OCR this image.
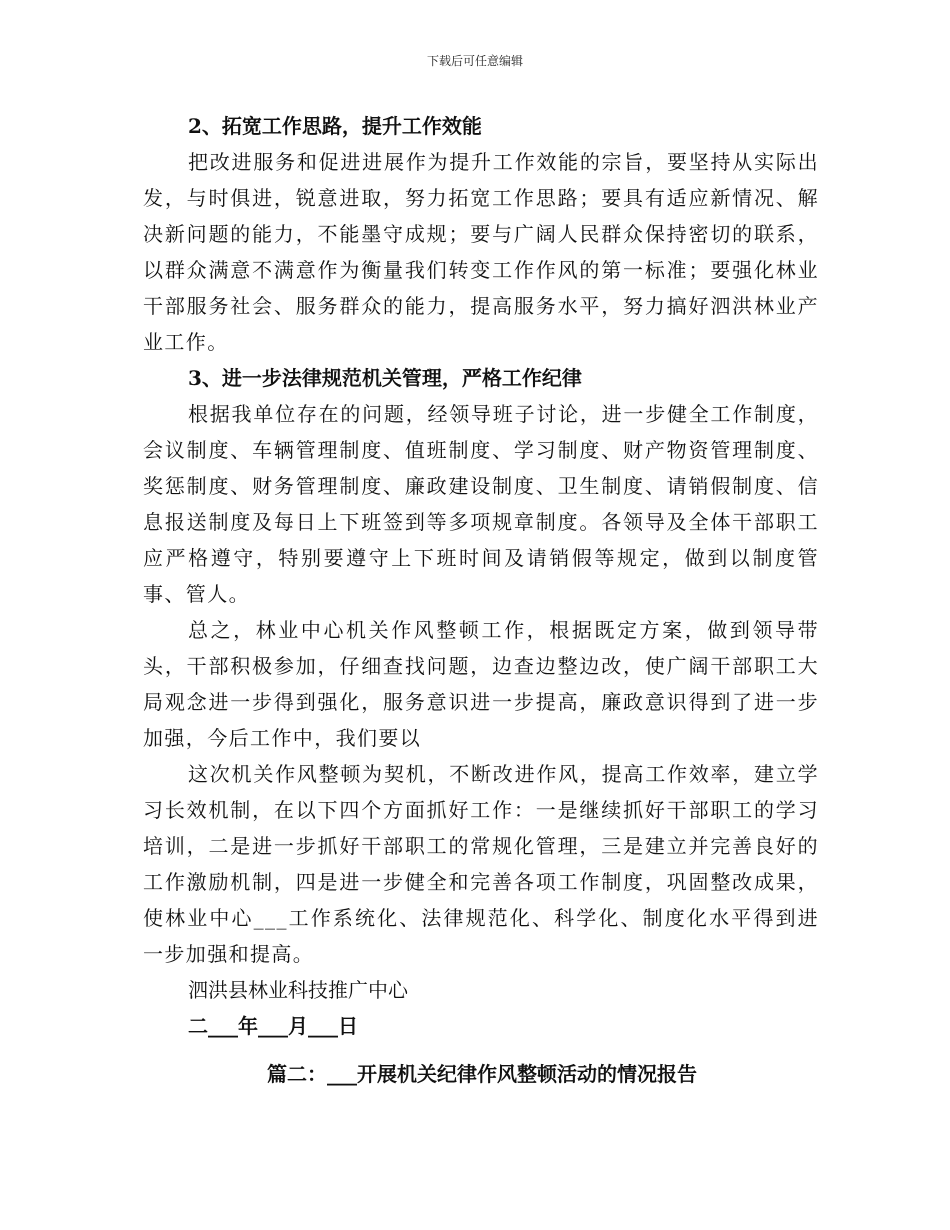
下载后可任意编辑

2、拓宽工作思路，提升工作效能

把改进服务和促进进展作为提升工作效能的宗旨，要坚持从实际出发，与时俱进，锐意进取，努力拓宽工作思路；要具有适应新情况、解决新问题的能力，不能墨守成规；要与广阔人民群众保持密切的联系，以群众满意不满意作为衡量我们转变工作作风的第一标准；要强化林业干部服务社会、服务群众的能力，提高服务水平，努力搞好泗洪林业产业工作。

3、进一步法律规范机关管理，严格工作纪律

根据我单位存在的问题，经领导班子讨论，进一步健全工作制度，会议制度、车辆管理制度、值班制度、学习制度、财产物资管理制度、奖惩制度、财务管理制度、廉政建设制度、卫生制度、请销假制度、信息报送制度及每日上下班签到等多项规章制度。各领导及全体干部职工应严格遵守，特别要遵守上下班时间及请销假等规定，做到以制度管事、管人。

总之，林业中心机关作风整顿工作，根据既定方案，做到领导带头，干部积极参加，仔细查找问题，边查边整边改，使广阔干部职工大局观念进一步得到强化，服务意识进一步提高，廉政意识得到了进一步加强，今后工作中，我们要以

这次机关作风整顿为契机，不断改进作风，提高工作效率，建立学习长效机制，在以下四个方面抓好工作：一是继续抓好干部职工的学习培训，二是进一步抓好干部职工的常规化管理，三是建立并完善良好的工作激励机制，四是进一步健全和完善各项工作制度，巩固整改成果，使林业中心___工作系统化、法律规范化、科学化、制度化水平得到进一步加强和提高。

泗洪县林业科技推广中心

二___年___月___日

篇二：___开展机关纪律作风整顿活动的情况报告
